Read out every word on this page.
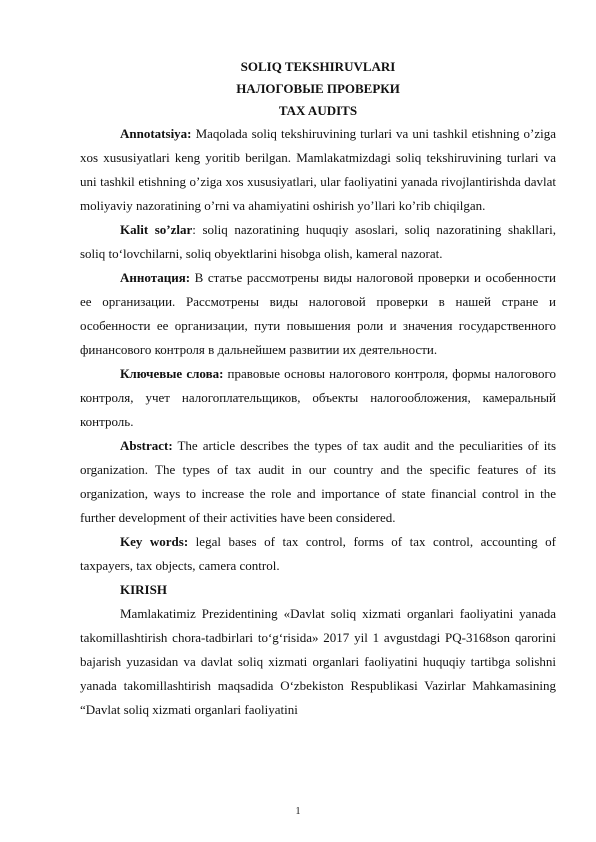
SOLIQ TEKSHIRUVLARI
НАЛОГОВЫЕ ПРОВЕРКИ
TAX AUDITS

Annotatsiya: Maqolada soliq tekshiruvining turlari va uni tashkil etishning o’ziga xos xususiyatlari keng yoritib berilgan. Mamlakatmizdagi soliq tekshiruvining turlari va uni tashkil etishning o’ziga xos xususiyatlari, ular faoliyatini yanada rivojlantirishda davlat moliyaviy nazoratining o’rni va ahamiyatini oshirish yo’llari ko’rib chiqilgan.

Kalit so’zlar: soliq nazoratining huquqiy asoslari, soliq nazoratining shakllari, soliq to‘lovchilarni, soliq obyektlarini hisobga olish, kameral nazorat.

Аннотация: В статье рассмотрены виды налоговой проверки и особенности ее организации. Рассмотрены виды налоговой проверки в нашей стране и особенности ее организации, пути повышения роли и значения государственного финансового контроля в дальнейшем развитии их деятельности.

Ключевые слова: правовые основы налогового контроля, формы налогового контроля, учет налогоплательщиков, объекты налогообложения, камеральный контроль.

Abstract: The article describes the types of tax audit and the peculiarities of its organization. The types of tax audit in our country and the specific features of its organization, ways to increase the role and importance of state financial control in the further development of their activities have been considered.

Key words: legal bases of tax control, forms of tax control, accounting of taxpayers, tax objects, camera control.

KIRISH

Mamlakatimiz Prezidentining «Davlat soliq xizmati organlari faoliyatini yanada takomillashtirish chora-tadbirlari to‘g‘risida» 2017 yil 1 avgustdagi PQ-3168son qarorini bajarish yuzasidan va davlat soliq xizmati organlari faoliyatini huquqiy tartibga solishni yanada takomillashtirish maqsadida O‘zbekiston Respublikasi Vazirlar Mahkamasining “Davlat soliq xizmati organlari faoliyatini

1
